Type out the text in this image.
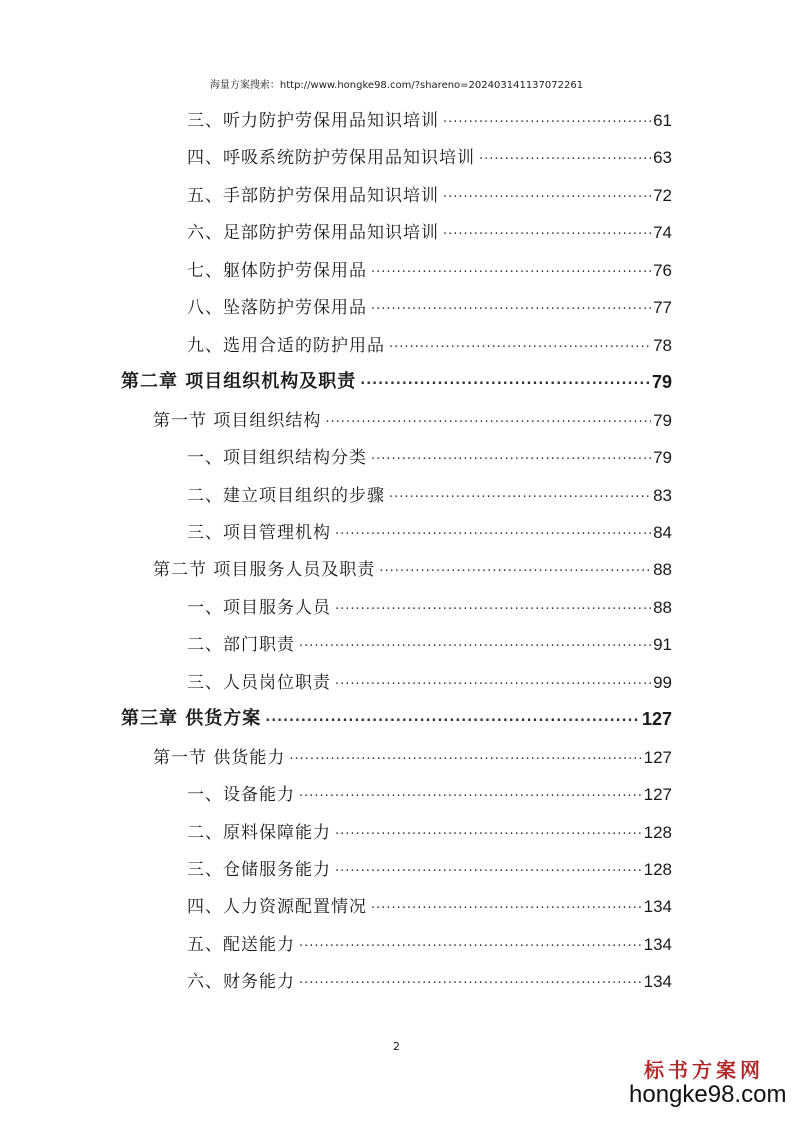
海量方案搜索：http://www.hongke98.com/?shareno=202403141137072261
三、听力防护劳保用品知识培训 .....	61
四、呼吸系统防护劳保用品知识培训 .....	63
五、手部防护劳保用品知识培训 .....	72
六、足部防护劳保用品知识培训 .....	74
七、躯体防护劳保用品 .....	76
八、坠落防护劳保用品 .....	77
九、选用合适的防护用品 .....	78
第二章 项目组织机构及职责 .....	79
第一节 项目组织结构 .....	79
一、项目组织结构分类 .....	79
二、建立项目组织的步骤 .....	83
三、项目管理机构 .....	84
第二节 项目服务人员及职责 .....	88
一、项目服务人员 .....	88
二、部门职责 .....	91
三、人员岗位职责 .....	99
第三章 供货方案 .....	127
第一节 供货能力 .....	127
一、设备能力 .....	127
二、原料保障能力 .....	128
三、仓储服务能力 .....	128
四、人力资源配置情况 .....	134
五、配送能力 .....	134
六、财务能力 .....	134
2
标书方案网
hongke98.com
